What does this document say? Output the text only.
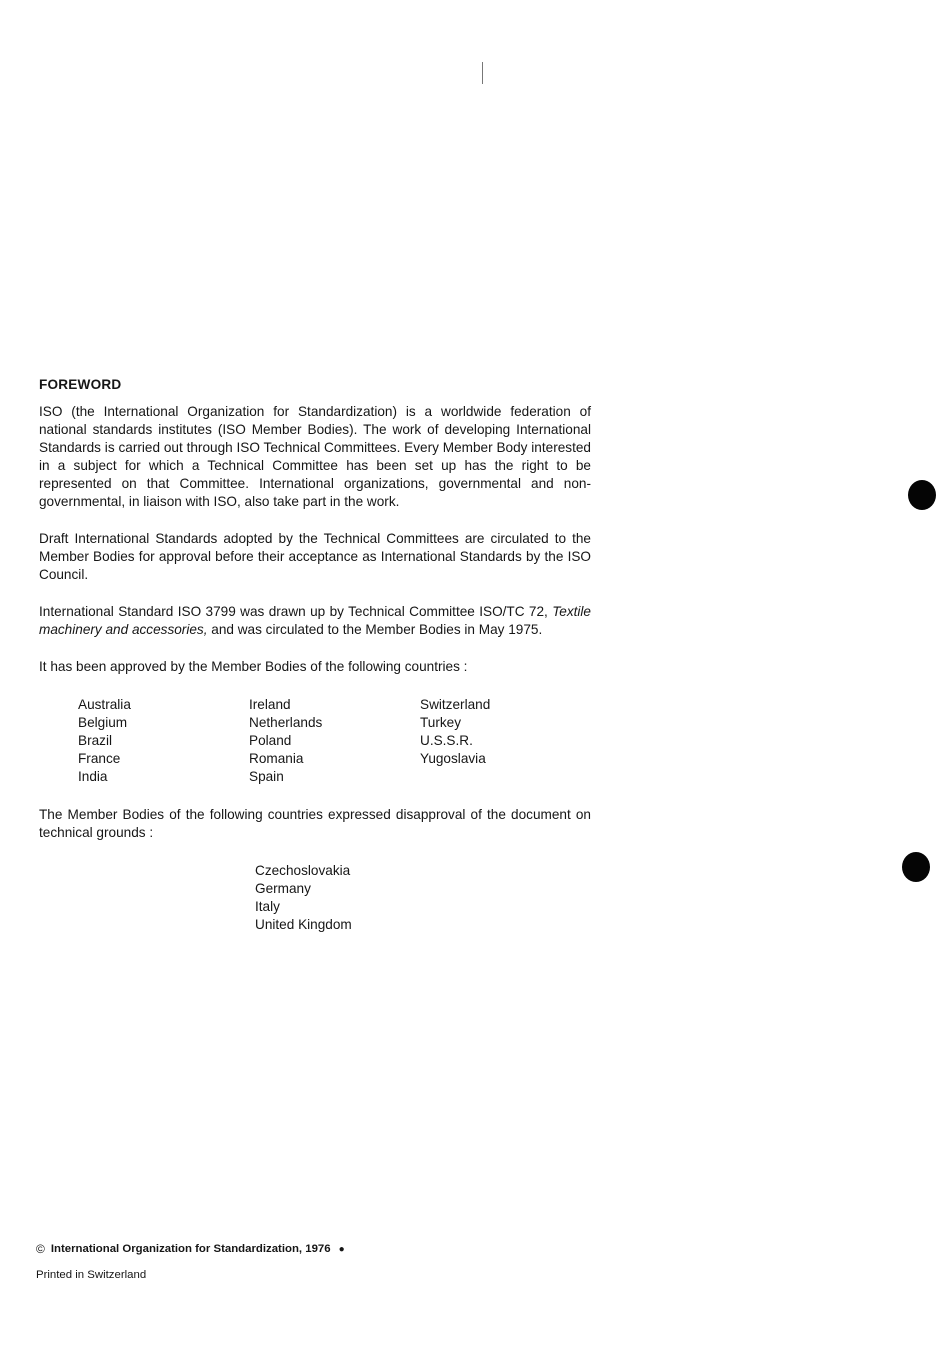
FOREWORD

ISO (the International Organization for Standardization) is a worldwide federation of national standards institutes (ISO Member Bodies). The work of developing International Standards is carried out through ISO Technical Committees. Every Member Body interested in a subject for which a Technical Committee has been set up has the right to be represented on that Committee. International organizations, governmental and non-governmental, in liaison with ISO, also take part in the work.

Draft International Standards adopted by the Technical Committees are circulated to the Member Bodies for approval before their acceptance as International Standards by the ISO Council.

International Standard ISO 3799 was drawn up by Technical Committee ISO/TC 72, Textile machinery and accessories, and was circulated to the Member Bodies in May 1975.

It has been approved by the Member Bodies of the following countries :

Australia
Belgium
Brazil
France
India
Ireland
Netherlands
Poland
Romania
Spain
Switzerland
Turkey
U.S.S.R.
Yugoslavia

The Member Bodies of the following countries expressed disapproval of the document on technical grounds :

Czechoslovakia
Germany
Italy
United Kingdom
© International Organization for Standardization, 1976 ●
Printed in Switzerland
